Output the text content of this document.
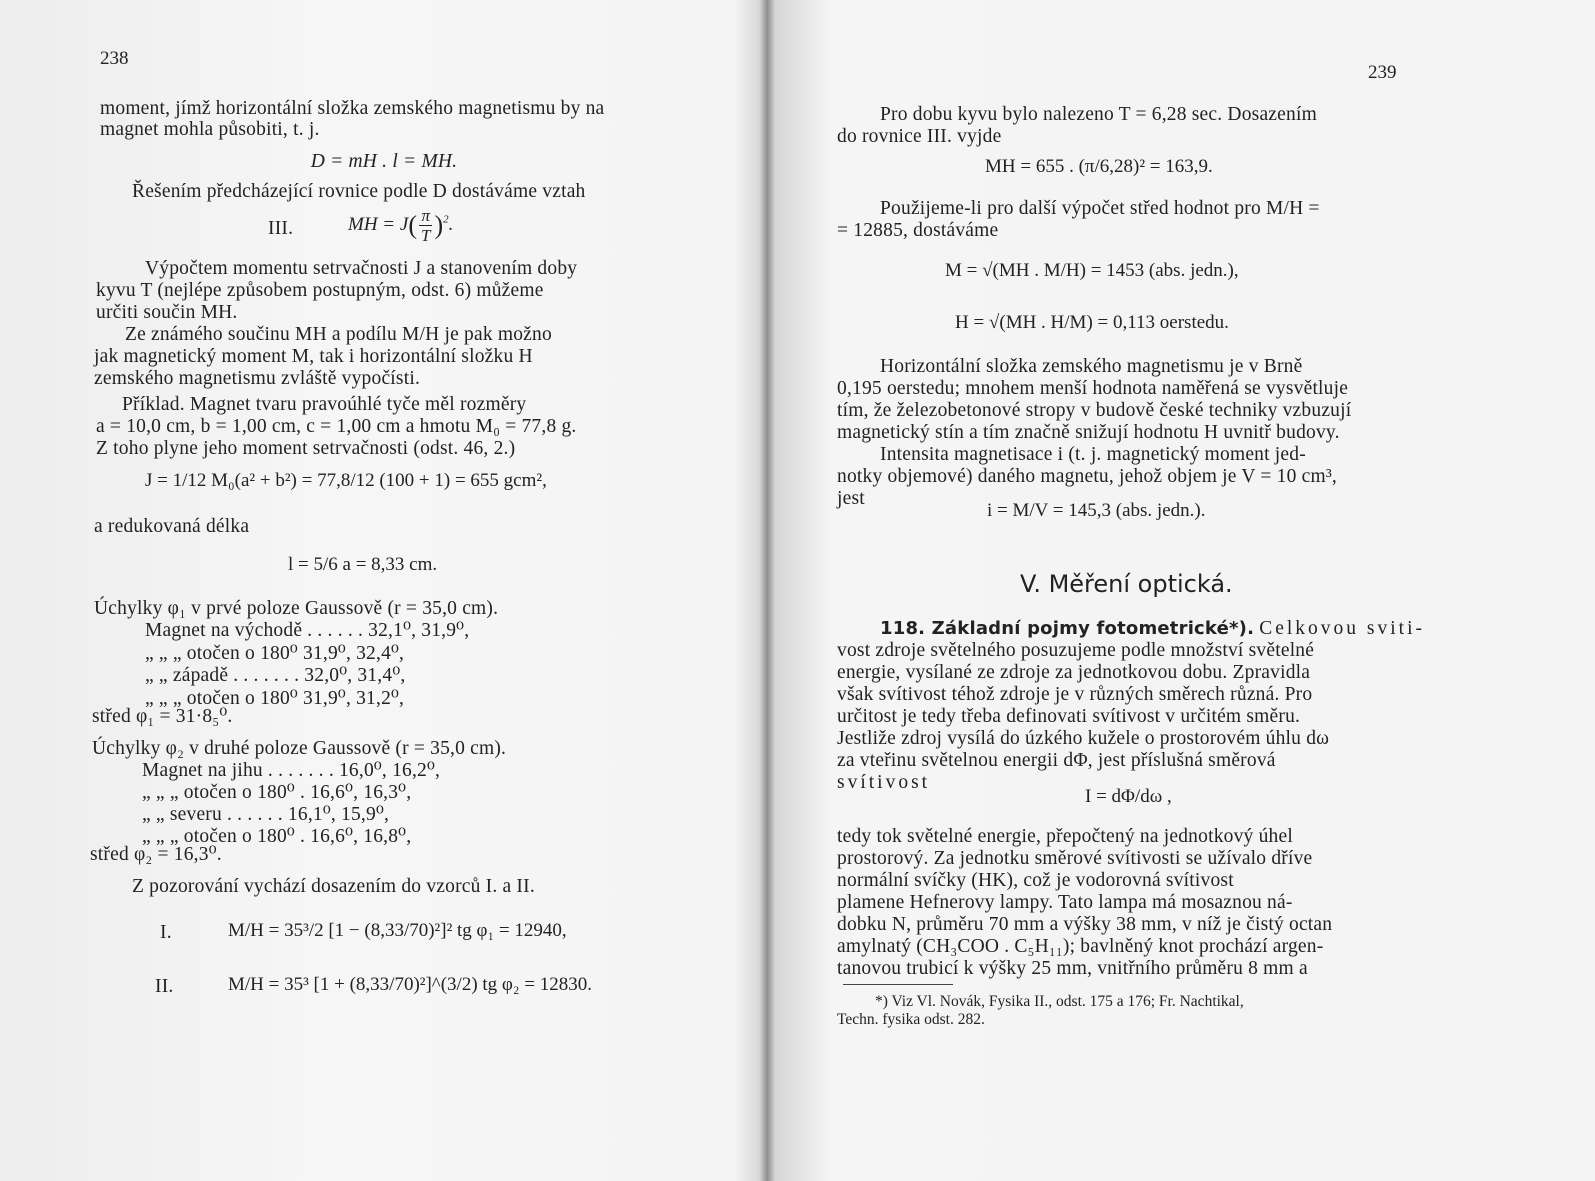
238
moment, jímž horizontální složka zemského magnetismu by na
magnet mohla působiti, t. j.
D = mH . l = MH.
Řešením předcházející rovnice podle D dostáváme vztah
III.	MH = $J( \frac{\pi}{T} )^2$.
Výpočtem momentu setrvačnosti J a stanovením doby
kyvu T (nejlépe způsobem postupným, odst. 6) můžeme
určiti součin MH.
Ze známého součinu MH a podílu M/H je pak možno
jak magnetický moment M, tak i horizontální složku H
zemského magnetismu zvláště vypočísti.
Příklad. Magnet tvaru pravoúhlé tyče měl rozměry
a = 10,0 cm, b = 1,00 cm, c = 1,00 cm a hmotu M₀ = 77,8 g.
Z toho plyne jeho moment setrvačnosti (odst. 46, 2.)
J = 1/12 M₀(a² + b²) = 77,8/12 (100 + 1) = 655 gcm²,
a redukovaná délka
l = 5/6 a = 8,33 cm.
Úchylky φ₁ v prvé poloze Gaussově (r = 35,0 cm).
Magnet na východě . . . . . . 32,1⁰, 31,9⁰,
„ „ „ otočen o 180⁰ 31,9⁰, 32,4⁰,
„ „ západě . . . . . . . 32,0⁰, 31,4⁰,
„ „ „ otočen o 180⁰ 31,9⁰, 31,2⁰,
střed φ₁ = 31·8₅⁰.
Úchylky φ₂ v druhé poloze Gaussově (r = 35,0 cm).
Magnet na jihu . . . . . . . 16,0⁰, 16,2⁰,
„ „ „ otočen o 180⁰ . 16,6⁰, 16,3⁰,
„ „ severu . . . . . . 16,1⁰, 15,9⁰,
„ „ „ otočen o 180⁰ . 16,6⁰, 16,8⁰,
střed φ₂ = 16,3⁰.
Z pozorování vychází dosazením do vzorců I. a II.
I.	M/H = 35³/2 [1 − (8,33/70)²]² tg φ₁ = 12940,
II.	M/H = 35³ [1 + (8,33/70)²]^(3/2) tg φ₂ = 12830.
239
Pro dobu kyvu bylo nalezeno T = 6,28 sec. Dosazením
do rovnice III. vyjde
MH = 655 . (π/6,28)² = 163,9.
Použijeme-li pro další výpočet střed hodnot pro M/H =
= 12885, dostáváme
M = √(MH . M/H) = 1453 (abs. jedn.),
H = √(MH . H/M) = 0,113 oerstedu.
Horizontální složka zemského magnetismu je v Brně
0,195 oerstedu; mnohem menší hodnota naměřená se vysvětluje
tím, že železobetonové stropy v budově české techniky vzbuzují
magnetický stín a tím značně snižují hodnotu H uvnitř budovy.
Intensita magnetisace i (t. j. magnetický moment jed-
notky objemové) daného magnetu, jehož objem je V = 10 cm³,
jest
i = M/V = 145,3 (abs. jedn.).
V. Měření optická.
118. Základní pojmy fotometrické*). Celkovou sviti-
vost zdroje světelného posuzujeme podle množství světelné
energie, vysílané ze zdroje za jednotkovou dobu. Zpravidla
však svítivost téhož zdroje je v různých směrech různá. Pro
určitost je tedy třeba definovati svítivost v určitém směru.
Jestliže zdroj vysílá do úzkého kužele o prostorovém úhlu dω
za vteřinu světelnou energii dΦ, jest příslušná směrová
svítivost
I = dΦ/dω ,
tedy tok světelné energie, přepočtený na jednotkový úhel
prostorový. Za jednotku směrové svítivosti se užívalo dříve
normální svíčky (HK), což je vodorovná svítivost
plamene Hefnerovy lampy. Tato lampa má mosaznou ná-
dobku N, průměru 70 mm a výšky 38 mm, v níž je čistý octan
amylnatý (CH₃COO . C₅H₁₁); bavlněný knot prochází argen-
tanovou trubicí k výšky 25 mm, vnitřního průměru 8 mm a
*) Viz Vl. Novák, Fysika II., odst. 175 a 176; Fr. Nachtikal,
Techn. fysika odst. 282.
